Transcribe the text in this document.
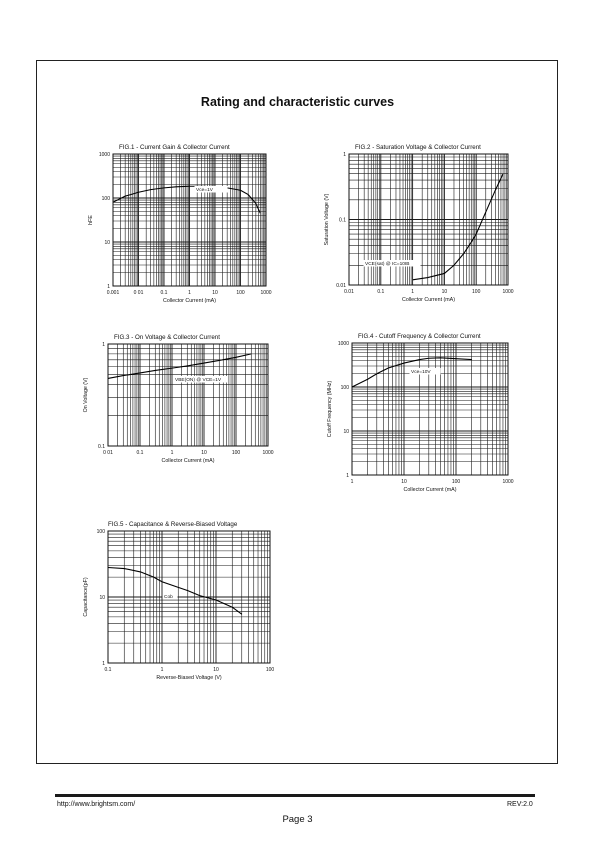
Rating and characteristic curves
Vce=1V
FIG.1 - Current Gain & Collector Current
0.001	0 01	0.1	1	10	100	1000
1
10
100
1000
Collector Current (mA)
hFE
VCE(sat) @ IC=10IB
FIG.2 - Saturation Voltage & Collector Current
0.01	0.1	1	10	100	1000
0.01
0.1
1
Collector Current (mA)
Saturation Voltage (V)
VBE(ON) @ VCE=1V
FIG.3 - On Voltage & Collector Current
0 01	0.1	1	10	100	1000
0.1
1
Collector Current (mA)
On Voltage (V)
Vce=10V
FIG.4 - Cutoff Frequency & Collector Current
1	10	100	1000
1
10
100
1000
Collector Current (mA)
Cutoff Frequency (MHz)
Cob
FIG.5 - Capacitance & Reverse-Biased Voltage
0.1	1	10	100
1
10
100
Reverse-Biased Voltage (V)
Capacitance(pF)
http://www.brightsm.com/	REV:2.0
Page 3
